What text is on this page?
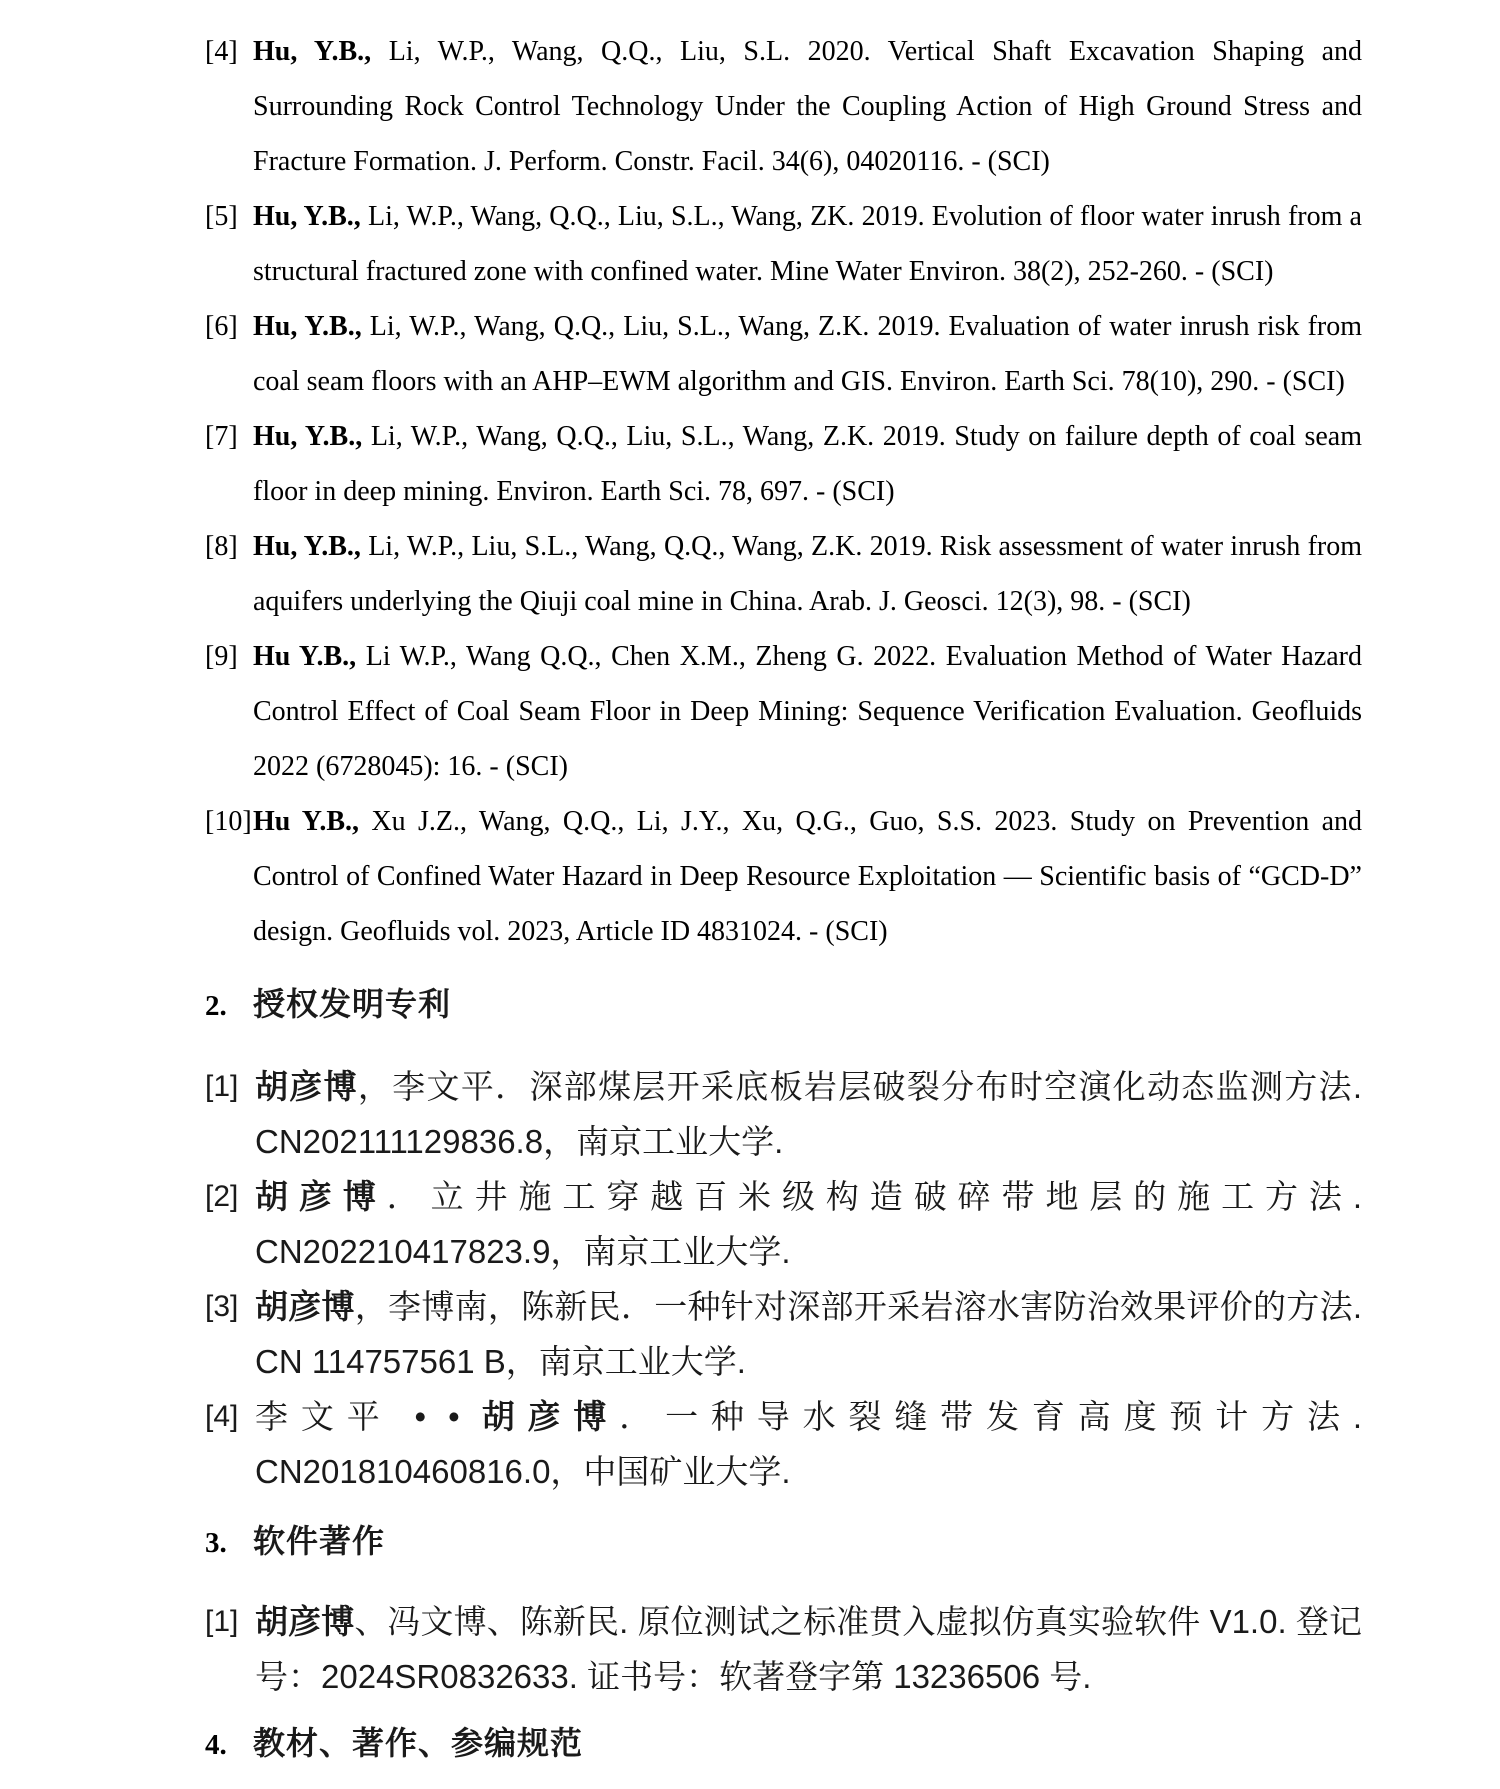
[4] Hu, Y.B., Li, W.P., Wang, Q.Q., Liu, S.L. 2020. Vertical Shaft Excavation Shaping and Surrounding Rock Control Technology Under the Coupling Action of High Ground Stress and Fracture Formation. J. Perform. Constr. Facil. 34(6), 04020116. - (SCI)
[5] Hu, Y.B., Li, W.P., Wang, Q.Q., Liu, S.L., Wang, ZK. 2019. Evolution of floor water inrush from a structural fractured zone with confined water. Mine Water Environ. 38(2), 252-260. - (SCI)
[6] Hu, Y.B., Li, W.P., Wang, Q.Q., Liu, S.L., Wang, Z.K. 2019. Evaluation of water inrush risk from coal seam floors with an AHP–EWM algorithm and GIS. Environ. Earth Sci. 78(10), 290. - (SCI)
[7] Hu, Y.B., Li, W.P., Wang, Q.Q., Liu, S.L., Wang, Z.K. 2019. Study on failure depth of coal seam floor in deep mining. Environ. Earth Sci. 78, 697. - (SCI)
[8] Hu, Y.B., Li, W.P., Liu, S.L., Wang, Q.Q., Wang, Z.K. 2019. Risk assessment of water inrush from aquifers underlying the Qiuji coal mine in China. Arab. J. Geosci. 12(3), 98. - (SCI)
[9] Hu Y.B., Li W.P., Wang Q.Q., Chen X.M., Zheng G. 2022. Evaluation Method of Water Hazard Control Effect of Coal Seam Floor in Deep Mining: Sequence Verification Evaluation. Geofluids 2022 (6728045): 16. - (SCI)
[10] Hu Y.B., Xu J.Z., Wang, Q.Q., Li, J.Y., Xu, Q.G., Guo, S.S. 2023. Study on Prevention and Control of Confined Water Hazard in Deep Resource Exploitation — Scientific basis of “GCD-D” design. Geofluids vol. 2023, Article ID 4831024. - (SCI)
2. 授权发明专利
[1] 胡彦博，李文平．深部煤层开采底板岩层破裂分布时空演化动态监测方法. CN202111129836.8，南京工业大学.
[2] 胡彦博．立井施工穿越百米级构造破碎带地层的施工方法. CN202210417823.9，南京工业大学.
[3] 胡彦博，李博南，陈新民．一种针对深部开采岩溶水害防治效果评价的方法. CN 114757561 B，南京工业大学.
[4] 李文平 • • 胡彦博．一种导水裂缝带发育高度预计方法. CN201810460816.0，中国矿业大学.
3. 软件著作
[1] 胡彦博、冯文博、陈新民. 原位测试之标准贯入虚拟仿真实验软件 V1.0. 登记号：2024SR0832633. 证书号：软著登字第 13236506 号.
4. 教材、著作、参编规范
